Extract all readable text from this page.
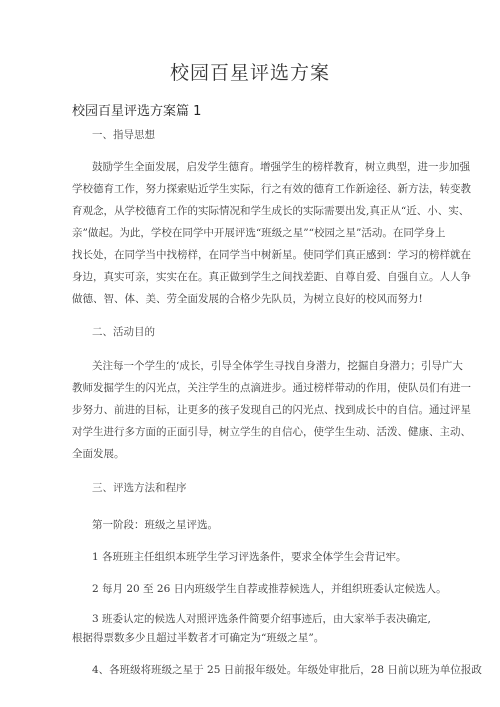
校园百星评选方案
校园百星评选方案篇 1
一、指导思想
鼓励学生全面发展，启发学生德育。增强学生的榜样教育，树立典型，进一步加强
学校德育工作，努力探索贴近学生实际，行之有效的德育工作新途径、新方法，转变教
育观念，从学校德育工作的实际情况和学生成长的实际需要出发,真正从“近、小、实、
亲”做起。为此，学校在同学中开展评选“班级之星”“校园之星”活动。在同学身上
找长处，在同学当中找榜样，在同学当中树新星。使同学们真正感到：学习的榜样就在
身边，真实可亲，实实在在。真正做到学生之间找差距、自尊自爱、自强自立。人人争
做德、智、体、美、劳全面发展的合格少先队员，为树立良好的校风而努力!
二、活动目的
关注每一个学生的‘成长，引导全体学生寻找自身潜力，挖掘自身潜力；引导广大
教师发掘学生的闪光点，关注学生的点滴进步。通过榜样带动的作用，使队员们有进一
步努力、前进的目标，让更多的孩子发现自己的闪光点、找到成长中的自信。通过评星
对学生进行多方面的正面引导，树立学生的自信心，使学生生动、活泼、健康、主动、
全面发展。
三、评选方法和程序
第一阶段：班级之星评选。
1 各班班主任组织本班学生学习评选条件，要求全体学生会背记牢。
2 每月 20 至 26 日内班级学生自荐或推荐候选人，并组织班委认定候选人。
3 班委认定的候选人对照评选条件简要介绍事迹后，由大家举手表决确定,
根据得票数多少且超过半数者才可确定为“班级之星”。
4、各班级将班级之星于 25 日前报年级处。年级处审批后，28 日前以班为单位报政
